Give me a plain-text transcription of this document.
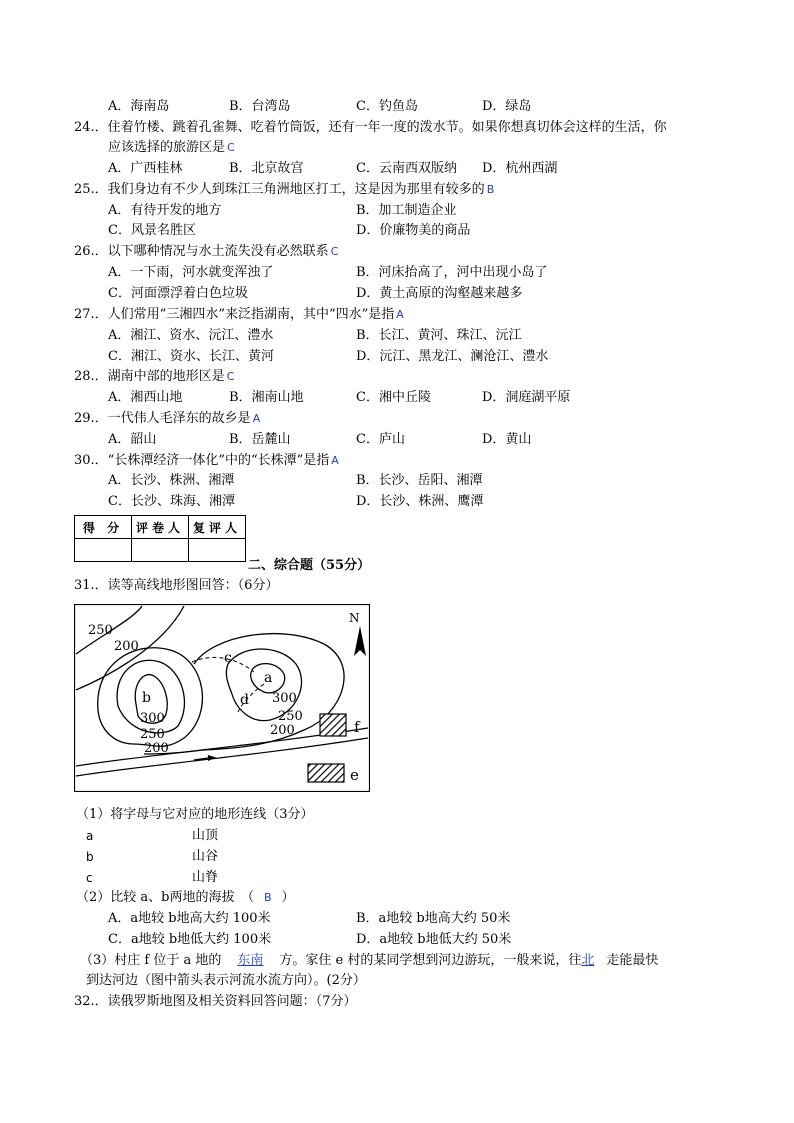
A．海南岛	B．台湾岛	C．钓鱼岛	D．绿岛
24.．住着竹楼、跳着孔雀舞、吃着竹筒饭，还有一年一度的泼水节。如果你想真切体会这样的生活，你
应该选择的旅游区是 C
A．广西桂林	B．北京故宫	C．云南西双版纳 D．杭州西湖
25.．我们身边有不少人到珠江三角洲地区打工，这是因为那里有较多的 B
A．有待开发的地方	B．加工制造企业
C．风景名胜区	D．价廉物美的商品
26.．以下哪种情况与水土流失没有必然联系 C
A．一下雨，河水就变浑浊了	B．河床抬高了，河中出现小岛了
C．河面漂浮着白色垃圾	D．黄土高原的沟壑越来越多
27.．人们常用“三湘四水”来泛指湖南，其中“四水”是指 A
A．湘江、资水、沅江、澧水	B．长江、黄河、珠江、沅江
C．湘江、资水、长江、黄河	D．沅江、黑龙江、澜沧江、澧水
28.．湖南中部的地形区是 C
A．湘西山地	B．湘南山地	C．湘中丘陵	D．洞庭湖平原
29.．一代伟人毛泽东的故乡是 A
A．韶山	B．岳麓山	C．庐山	D．黄山
30.．“长株潭经济一体化”中的“长株潭”是指 A
A．长沙、株洲、湘潭	B．长沙、岳阳、湘潭
C．长沙、珠海、湘潭	D．长沙、株洲、鹰潭
得 分	评卷人	复评人

二、综合题（55分）
31.．读等高线地形图回答：（6分）
250
200
300
250
200
300
250
200
b
a
c
d
f
e
N
（1）将字母与它对应的地形连线（3分）
a	山顶
b	山谷
c	山脊
（2）比较 a、b两地的海拔　（ B ）
A．a地较 b地高大约 100米	B．a地较 b地高大约 50米
C．a地较 b地低大约 100米	D．a地较 b地低大约 50米
（3）村庄 f 位于 a 地的 东南 方。家住 e 村的某同学想到河边游玩，一般来说，往北 走能最快
到达河边（图中箭头表示河流水流方向）。(2分）
32.．读俄罗斯地图及相关资料回答问题：（7分）
